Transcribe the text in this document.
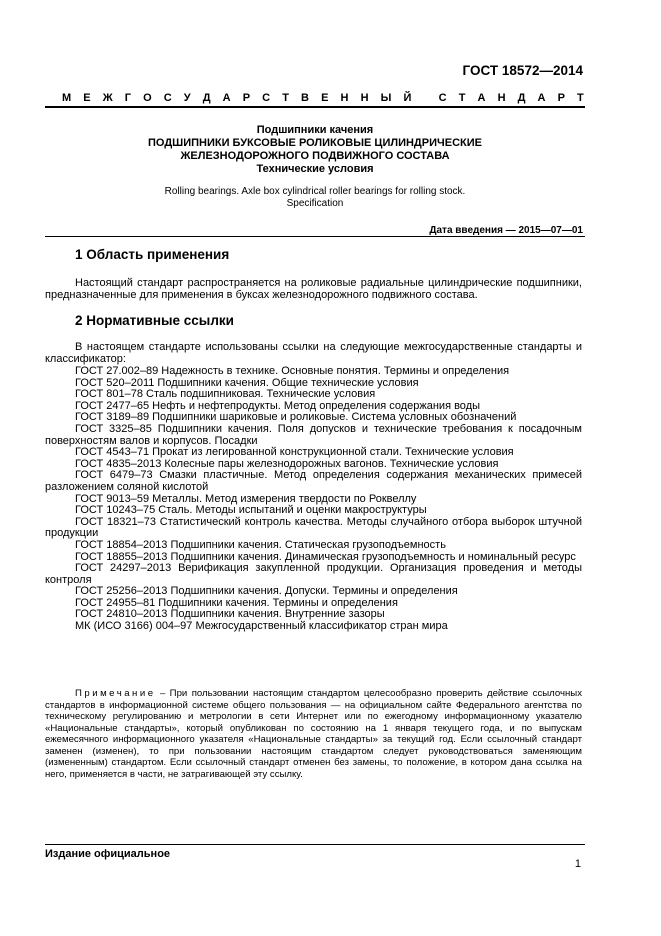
ГОСТ 18572—2014
М Е Ж Г О С У Д А Р С Т В Е Н Н Ы Й
С Т А Н Д А Р Т
Подшипники качения
ПОДШИПНИКИ БУКСОВЫЕ РОЛИКОВЫЕ ЦИЛИНДРИЧЕСКИЕ
ЖЕЛЕЗНОДОРОЖНОГО ПОДВИЖНОГО СОСТАВА
Технические условия
Rolling bearings. Axle box cylindrical roller bearings for rolling stock.
Specification
Дата введения — 2015—07—01
1 Область применения
Настоящий стандарт распространяется на роликовые радиальные цилиндрические подшипники, предназначенные для применения в буксах железнодорожного подвижного состава.
2 Нормативные ссылки
В настоящем стандарте использованы ссылки на следующие межгосударственные стандарты и классификатор:

ГОСТ 27.002–89 Надежность в технике. Основные понятия. Термины и определения

ГОСТ 520–2011 Подшипники качения. Общие технические условия

ГОСТ 801–78 Сталь подшипниковая. Технические условия

ГОСТ 2477–65 Нефть и нефтепродукты. Метод определения содержания воды

ГОСТ 3189–89 Подшипники шариковые и роликовые. Система условных обозначений

ГОСТ 3325–85 Подшипники качения. Поля допусков и технические требования к посадочным поверхностям валов и корпусов. Посадки

ГОСТ 4543–71 Прокат из легированной конструкционной стали. Технические условия

ГОСТ 4835–2013 Колесные пары железнодорожных вагонов. Технические условия

ГОСТ 6479–73 Смазки пластичные. Метод определения содержания механических примесей разложением соляной кислотой

ГОСТ 9013–59 Металлы. Метод измерения твердости по Роквеллу

ГОСТ 10243–75 Сталь. Методы испытаний и оценки макроструктуры

ГОСТ 18321–73 Статистический контроль качества. Методы случайного отбора выборок штучной продукции

ГОСТ 18854–2013 Подшипники качения. Статическая грузоподъемность

ГОСТ 18855–2013 Подшипники качения. Динамическая грузоподъемность и номинальный ресурс

ГОСТ 24297–2013 Верификация закупленной продукции. Организация проведения и методы контроля

ГОСТ 25256–2013 Подшипники качения. Допуски. Термины и определения

ГОСТ 24955–81 Подшипники качения. Термины и определения

ГОСТ 24810–2013 Подшипники качения. Внутренние зазоры

МК (ИСО 3166) 004–97 Межгосударственный классификатор стран мира

Примечание – При пользовании настоящим стандартом целесообразно проверить действие ссылочных стандартов в информационной системе общего пользования — на официальном сайте Федерального агентства по техническому регулированию и метрологии в сети Интернет или по ежегодному информационному указателю «Национальные стандарты», который опубликован по состоянию на 1 января текущего года, и по выпускам ежемесячного информационного указателя «Национальные стандарты» за текущий год. Если ссылочный стандарт заменен (изменен), то при пользовании настоящим стандартом следует руководствоваться заменяющим (измененным) стандартом. Если ссылочный стандарт отменен без замены, то положение, в котором дана ссылка на него, применяется в части, не затрагивающей эту ссылку.
Издание официальное
1
